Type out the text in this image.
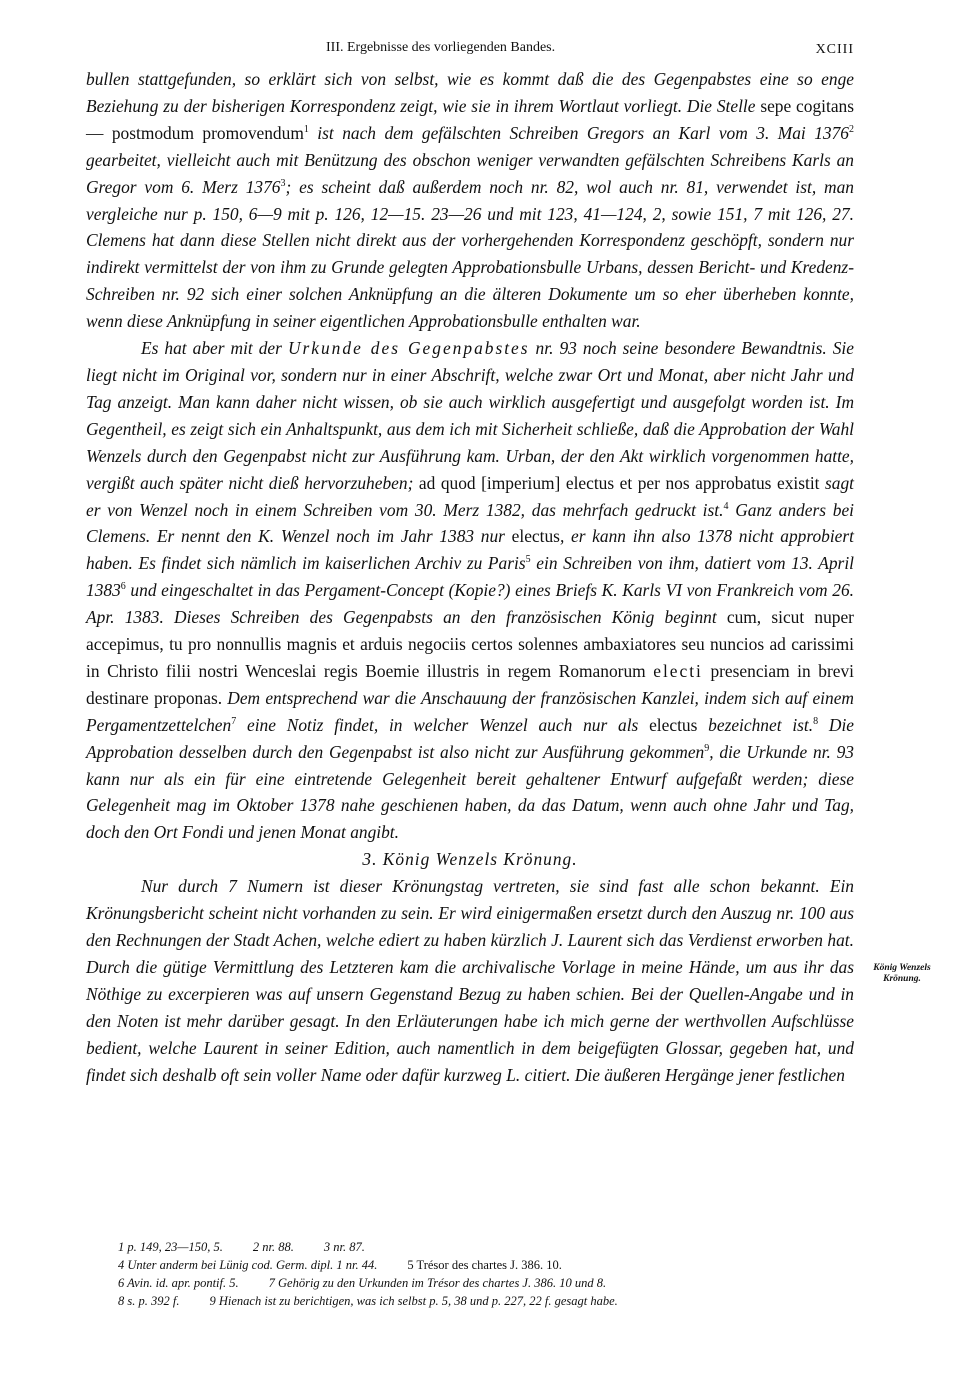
III. Ergebnisse des vorliegenden Bandes.	XCIII

bullen stattgefunden, so erklärt sich von selbst, wie es kommt daß die des Gegenpabstes eine so enge Beziehung zu der bisherigen Korrespondenz zeigt, wie sie in ihrem Wortlaut vorliegt. Die Stelle sepe cogitans — postmodum promovendum$^1$ ist nach dem gefälschten Schreiben Gregors an Karl vom 3. Mai 1376$^2$ gearbeitet, vielleicht auch mit Benützung des obschon weniger verwandten gefälschten Schreibens Karls an Gregor vom 6. Merz 1376$^3$; es scheint daß außerdem noch nr. 82, wol auch nr. 81, verwendet ist, man vergleiche nur p. 150, 6—9 mit p. 126, 12—15. 23—26 und mit 123, 41—124, 2, sowie 151, 7 mit 126, 27. Clemens hat dann diese Stellen nicht direkt aus der vorhergehenden Korrespondenz geschöpft, sondern nur indirekt vermittelst der von ihm zu Grunde gelegten Approbationsbulle Urbans, dessen Bericht- und Kredenz-Schreiben nr. 92 sich einer solchen Anknüpfung an die älteren Dokumente um so eher überheben konnte, wenn diese Anknüpfung in seiner eigentlichen Approbationsbulle enthalten war.

Es hat aber mit der Urkunde des Gegenpabstes nr. 93 noch seine besondere Bewandtnis. Sie liegt nicht im Original vor, sondern nur in einer Abschrift, welche zwar Ort und Monat, aber nicht Jahr und Tag anzeigt. Man kann daher nicht wissen, ob sie auch wirklich ausgefertigt und ausgefolgt worden ist. Im Gegentheil, es zeigt sich ein Anhaltspunkt, aus dem ich mit Sicherheit schließe, daß die Approbation der Wahl Wenzels durch den Gegenpabst nicht zur Ausführung kam. Urban, der den Akt wirklich vorgenommen hatte, vergißt auch später nicht dieß hervorzuheben; ad quod [imperium] electus et per nos approbatus existit sagt er von Wenzel noch in einem Schreiben vom 30. Merz 1382, das mehrfach gedruckt ist.$^4$ Ganz anders bei Clemens. Er nennt den K. Wenzel noch im Jahr 1383 nur electus, er kann ihn also 1378 nicht approbiert haben. Es findet sich nämlich im kaiserlichen Archiv zu Paris$^5$ ein Schreiben von ihm, datiert vom 13. April 1383$^6$ und eingeschaltet in das Pergament-Concept (Kopie?) eines Briefs K. Karls VI von Frankreich vom 26. Apr. 1383. Dieses Schreiben des Gegenpabsts an den französischen König beginnt cum, sicut nuper accepimus, tu pro nonnullis magnis et arduis negociis certos solennes ambaxiatores seu nuncios ad carissimi in Christo filii nostri Wenceslai regis Boemie illustris in regem Romanorum electi presenciam in brevi destinare proponas. Dem entsprechend war die Anschauung der französischen Kanzlei, indem sich auf einem Pergamentzettelchen$^7$ eine Notiz findet, in welcher Wenzel auch nur als electus bezeichnet ist.$^8$ Die Approbation desselben durch den Gegenpabst ist also nicht zur Ausführung gekommen$^9$, die Urkunde nr. 93 kann nur als ein für eine eintretende Gelegenheit bereit gehaltener Entwurf aufgefaßt werden; diese Gelegenheit mag im Oktober 1378 nahe geschienen haben, da das Datum, wenn auch ohne Jahr und Tag, doch den Ort Fondi und jenen Monat angibt.

3. König Wenzels Krönung.

Nur durch 7 Numern ist dieser Krönungstag vertreten, sie sind fast alle schon bekannt. Ein Krönungsbericht scheint nicht vorhanden zu sein. Er wird einigermaßen ersetzt durch den Auszug nr. 100 aus den Rechnungen der Stadt Achen, welche ediert zu haben kürzlich J. Laurent sich das Verdienst erworben hat. Durch die gütige Vermittlung des Letzteren kam die archivalische Vorlage in meine Hände, um aus ihr das Nöthige zu excerpieren was auf unsern Gegenstand Bezug zu haben schien. Bei der Quellen-Angabe und in den Noten ist mehr darüber gesagt. In den Erläuterungen habe ich mich gerne der werthvollen Aufschlüsse bedient, welche Laurent in seiner Edition, auch namentlich in dem beigefügten Glossar, gegeben hat, und findet sich deshalb oft sein voller Name oder dafür kurzweg L. citiert. Die äußeren Hergänge jener festlichen

König Wenzels Krönung.
1 p. 149, 23—150, 5. 2 nr. 88. 3 nr. 87.
4 Unter anderm bei Lünig cod. Germ. dipl. 1 nr. 44. 5 Trésor des chartes J. 386. 10.
6 Avin. id. apr. pontif. 5. 7 Gehörig zu den Urkunden im Trésor des chartes J. 386. 10 und 8.
8 s. p. 392 f. 9 Hienach ist zu berichtigen, was ich selbst p. 5, 38 und p. 227, 22 f. gesagt habe.
